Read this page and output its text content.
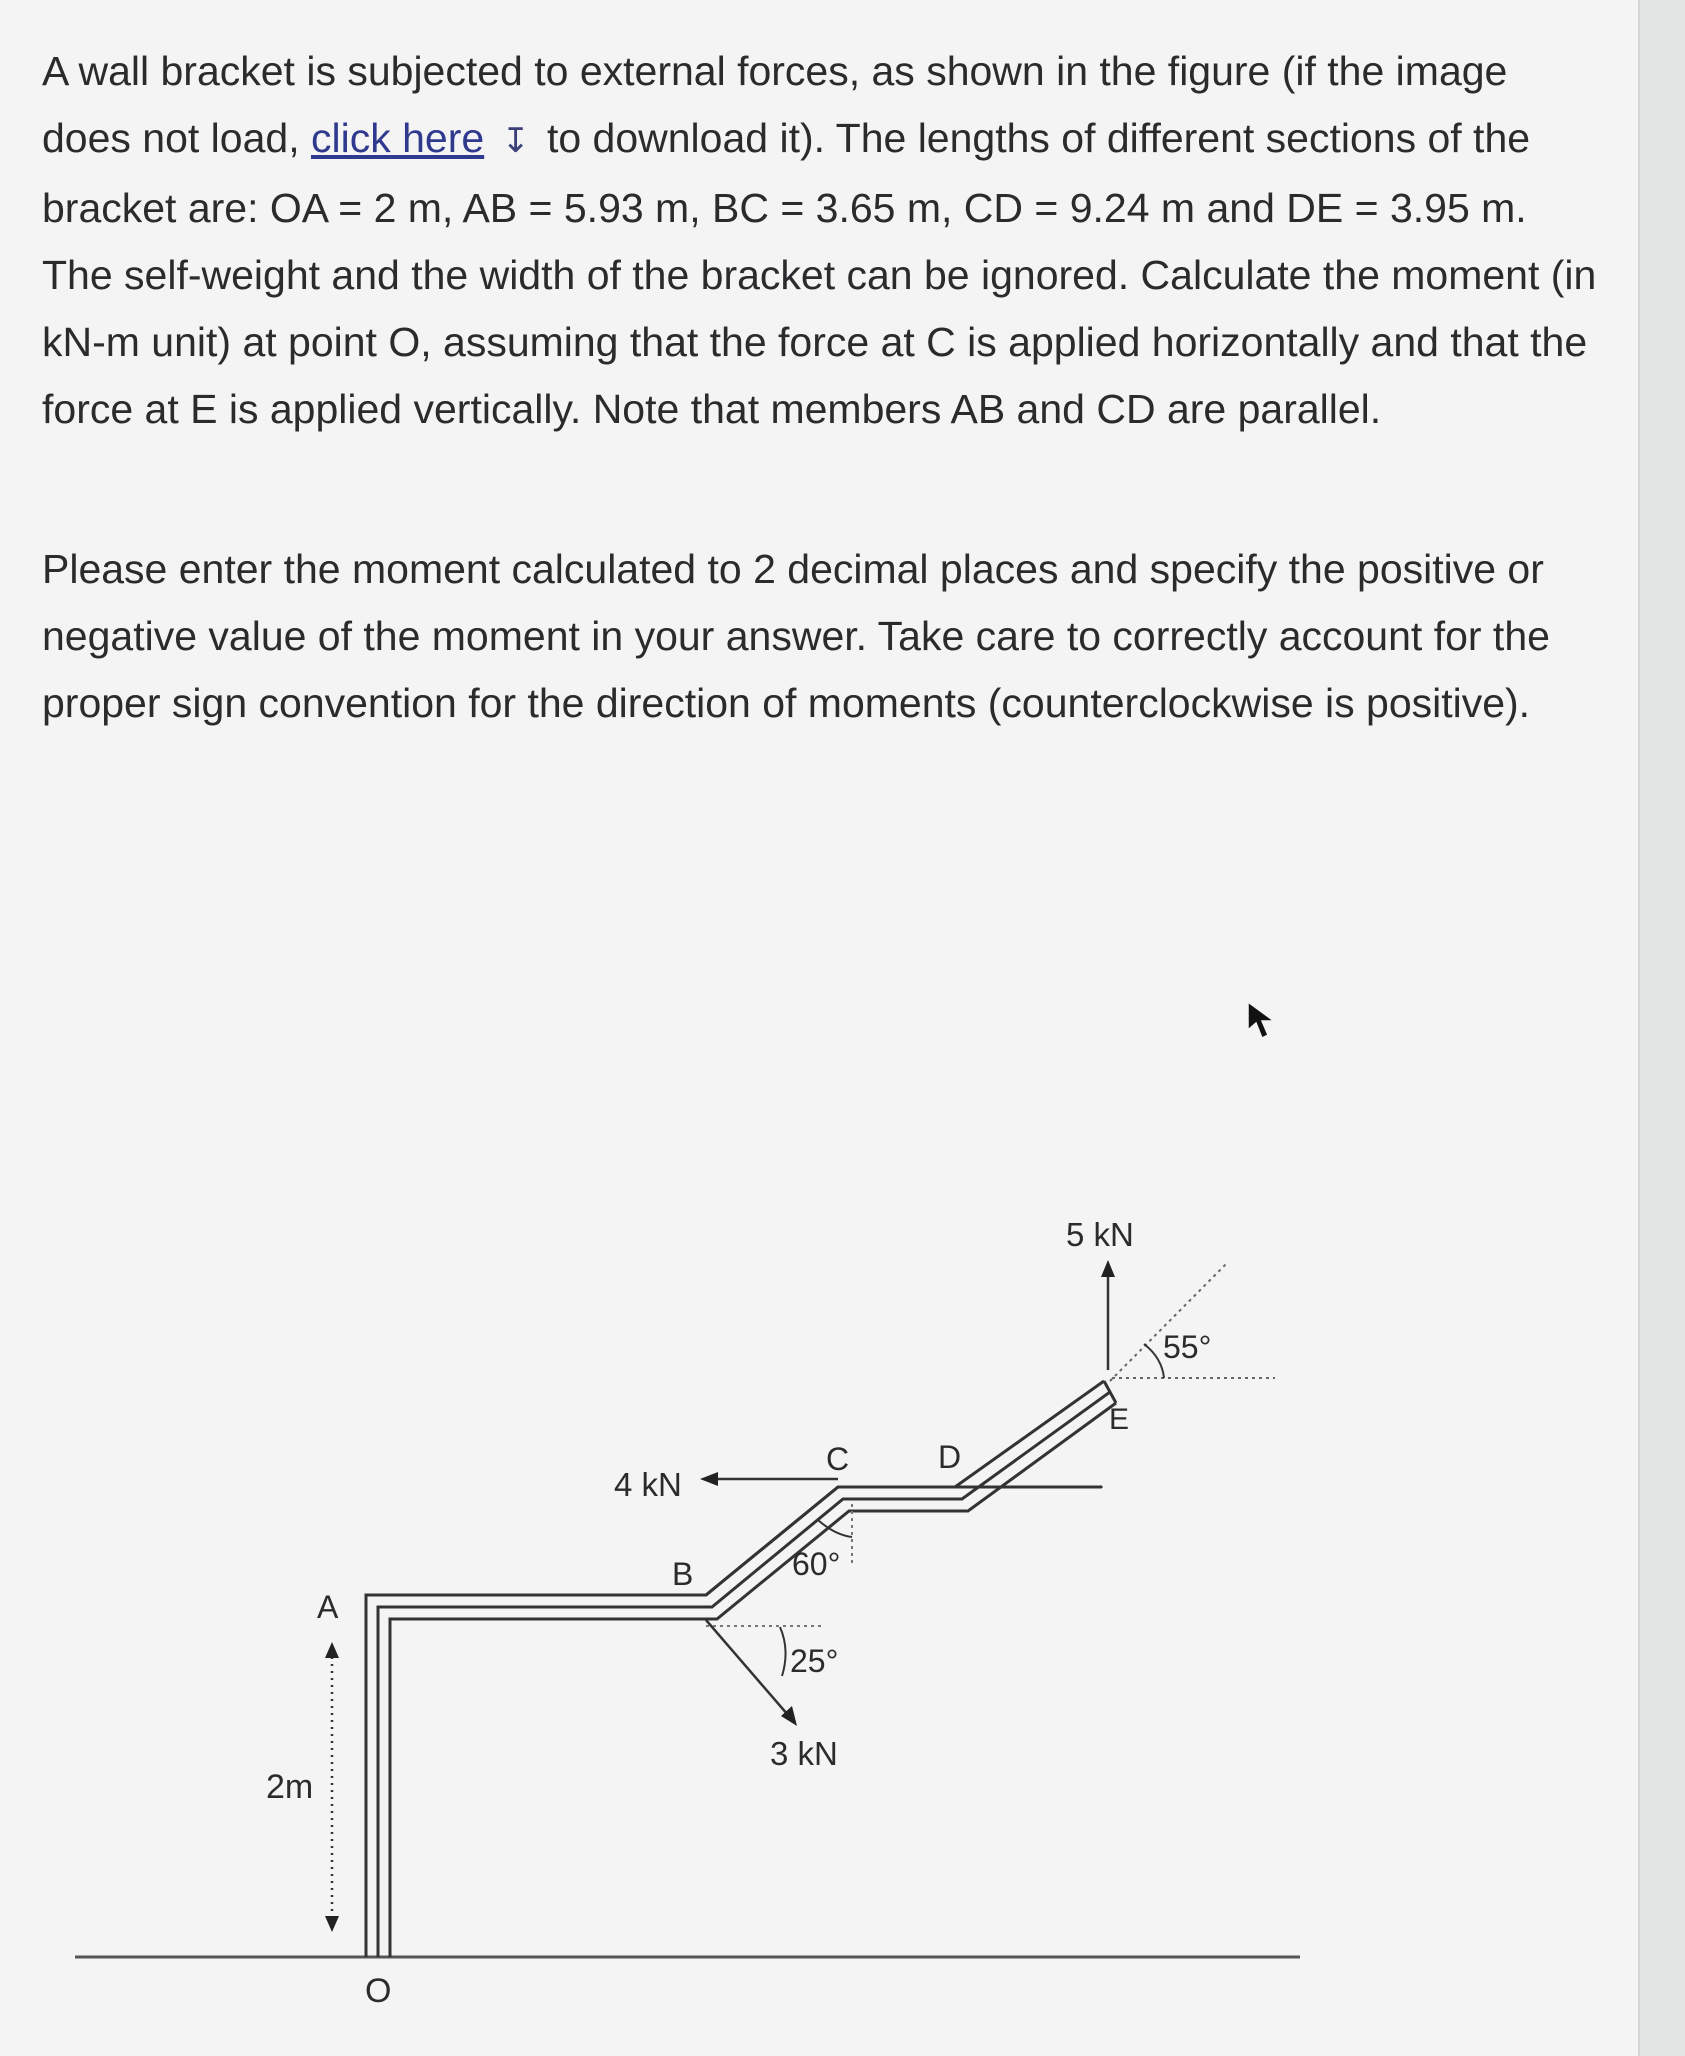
A wall bracket is subjected to external forces, as shown in the figure (if the image does not load, click here ↧ to download it). The lengths of different sections of the bracket are: OA = 2 m, AB = 5.93 m, BC = 3.65 m, CD = 9.24 m and DE = 3.95 m. The self-weight and the width of the bracket can be ignored. Calculate the moment (in kN-m unit) at point O, assuming that the force at C is applied horizontally and that the force at E is applied vertically. Note that members AB and CD are parallel.

Please enter the moment calculated to 2 decimal places and specify the positive or negative value of the moment in your answer. Take care to correctly account for the proper sign convention for the direction of moments (counterclockwise is positive).

2m
A
B
C	D
E
O
4 kN
60°
25°
3 kN
5 kN
55°
